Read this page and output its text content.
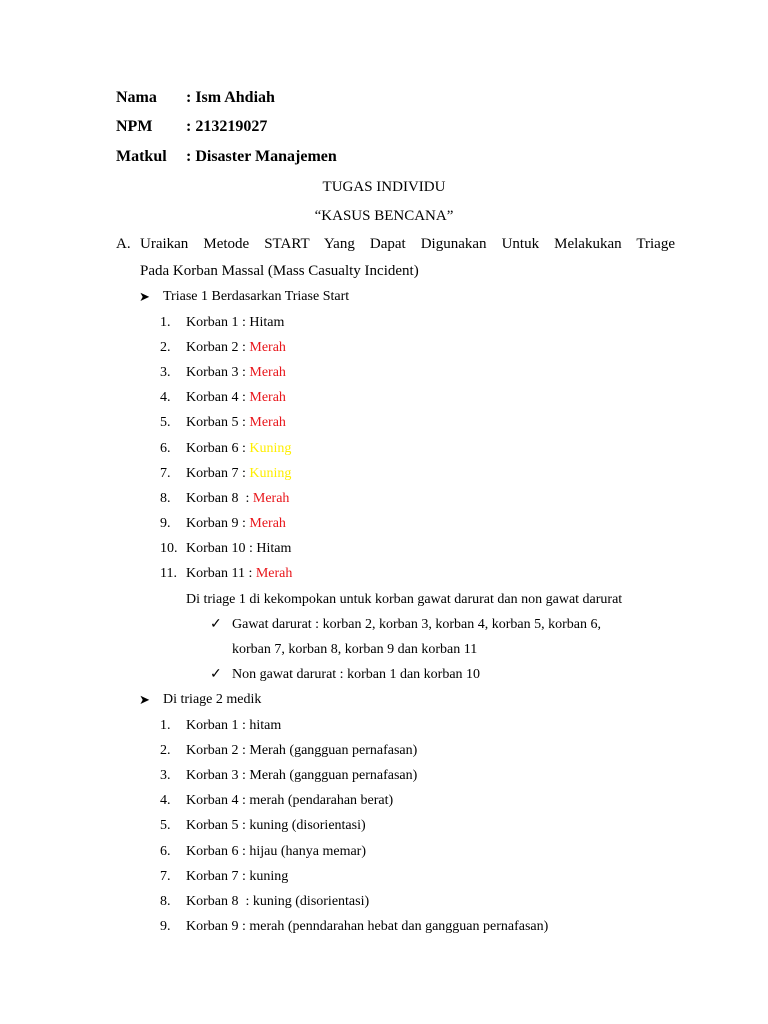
Nama : Ism Ahdiah
NPM : 213219027
Matkul : Disaster Manajemen
TUGAS INDIVIDU
“KASUS BENCANA”
A. Uraikan Metode START Yang Dapat Digunakan Untuk Melakukan Triage
Pada Korban Massal (Mass Casualty Incident)
➤ Triase 1 Berdasarkan Triase Start
1.	Korban 1 : Hitam
2.	Korban 2 : Merah
3.	Korban 3 : Merah
4.	Korban 4 : Merah
5.	Korban 5 : Merah
6.	Korban 6 : Kuning
7.	Korban 7 : Kuning
8.	Korban 8  : Merah
9.	Korban 9 : Merah
10. Korban 10 : Hitam
11. Korban 11 : Merah
Di triage 1 di kekompokan untuk korban gawat darurat dan non gawat darurat
✓ Gawat darurat : korban 2, korban 3, korban 4, korban 5, korban 6,
korban 7, korban 8, korban 9 dan korban 11
✓ Non gawat darurat : korban 1 dan korban 10
➤ Di triage 2 medik
1.	Korban 1 : hitam
2.	Korban 2 : Merah (gangguan pernafasan)
3.	Korban 3 : Merah (gangguan pernafasan)
4.	Korban 4 : merah (pendarahan berat)
5.	Korban 5 : kuning (disorientasi)
6.	Korban 6 : hijau (hanya memar)
7.	Korban 7 : kuning
8.	Korban 8  : kuning (disorientasi)
9.	Korban 9 : merah (penndarahan hebat dan gangguan pernafasan)
